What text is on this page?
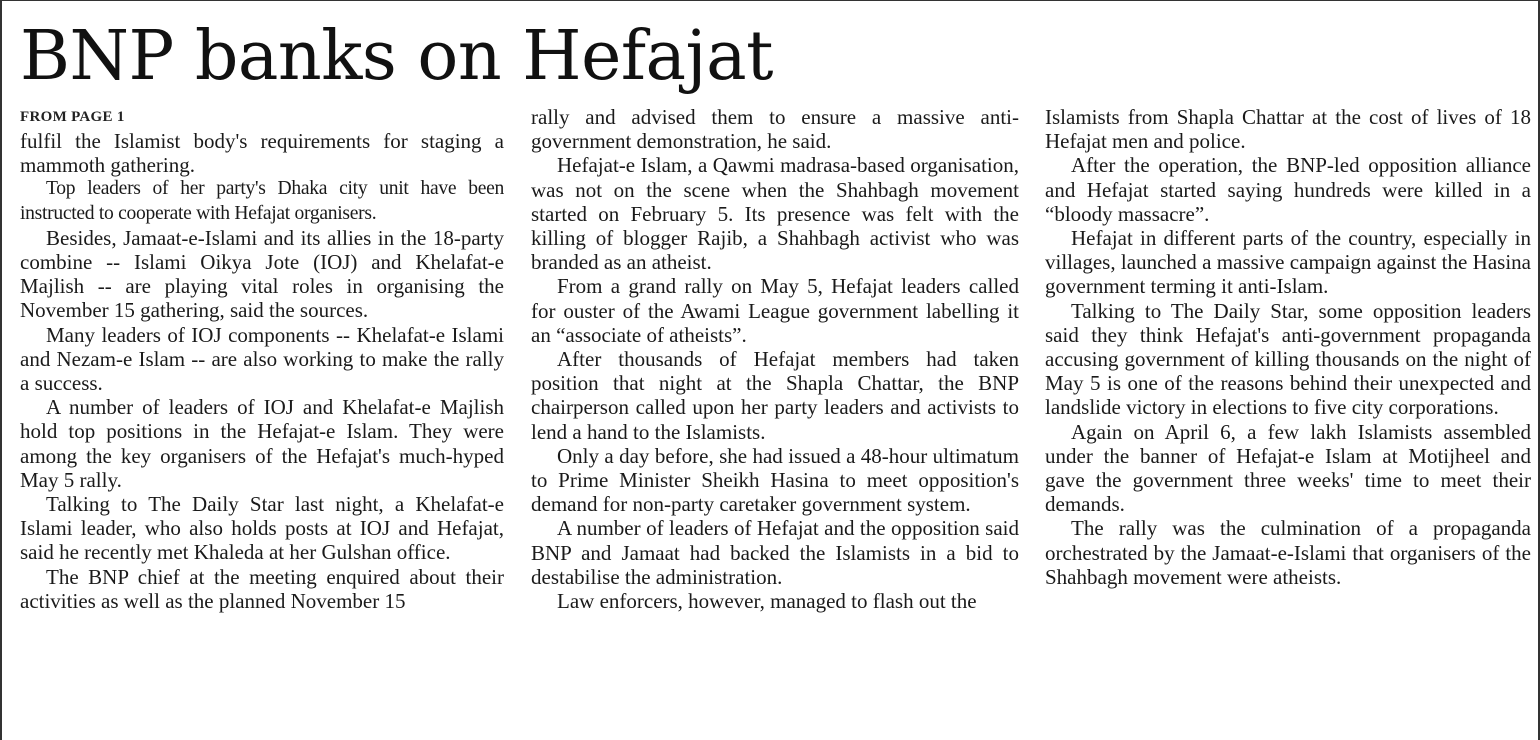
BNP banks on Hefajat
FROM PAGE 1

fulfil the Islamist body's requirements for staging a mammoth gathering.

Top leaders of her party's Dhaka city unit have been instructed to cooperate with Hefajat organisers.

Besides, Jamaat-e-Islami and its allies in the 18-party combine -- Islami Oikya Jote (IOJ) and Khelafat-e Majlish -- are playing vital roles in organising the November 15 gathering, said the sources.

Many leaders of IOJ components -- Khelafat-e Islami and Nezam-e Islam -- are also working to make the rally a success.

A number of leaders of IOJ and Khelafat-e Majlish hold top positions in the Hefajat-e Islam. They were among the key organisers of the Hefajat's much-hyped May 5 rally.

Talking to The Daily Star last night, a Khelafat-e Islami leader, who also holds posts at IOJ and Hefajat, said he recently met Khaleda at her Gulshan office.

The BNP chief at the meeting enquired about their activities as well as the planned November 15

rally and advised them to ensure a massive anti-government demonstration, he said.

Hefajat-e Islam, a Qawmi madrasa-based organisation, was not on the scene when the Shahbagh movement started on February 5. Its presence was felt with the killing of blogger Rajib, a Shahbagh activist who was branded as an atheist.

From a grand rally on May 5, Hefajat leaders called for ouster of the Awami League government labelling it an “associate of atheists”.

After thousands of Hefajat members had taken position that night at the Shapla Chattar, the BNP chairperson called upon her party leaders and activists to lend a hand to the Islamists.

Only a day before, she had issued a 48-hour ultimatum to Prime Minister Sheikh Hasina to meet opposition's demand for non-party caretaker government system.

A number of leaders of Hefajat and the opposition said BNP and Jamaat had backed the Islamists in a bid to destabilise the administration.

Law enforcers, however, managed to flash out the

Islamists from Shapla Chattar at the cost of lives of 18 Hefajat men and police.

After the operation, the BNP-led opposition alliance and Hefajat started saying hundreds were killed in a “bloody massacre”.

Hefajat in different parts of the country, especially in villages, launched a massive campaign against the Hasina government terming it anti-Islam.

Talking to The Daily Star, some opposition leaders said they think Hefajat's anti-government propaganda accusing government of killing thousands on the night of May 5 is one of the reasons behind their unexpected and landslide victory in elections to five city corporations.

Again on April 6, a few lakh Islamists assembled under the banner of Hefajat-e Islam at Motijheel and gave the government three weeks' time to meet their demands.

The rally was the culmination of a propaganda orchestrated by the Jamaat-e-Islami that organisers of the Shahbagh movement were atheists.
